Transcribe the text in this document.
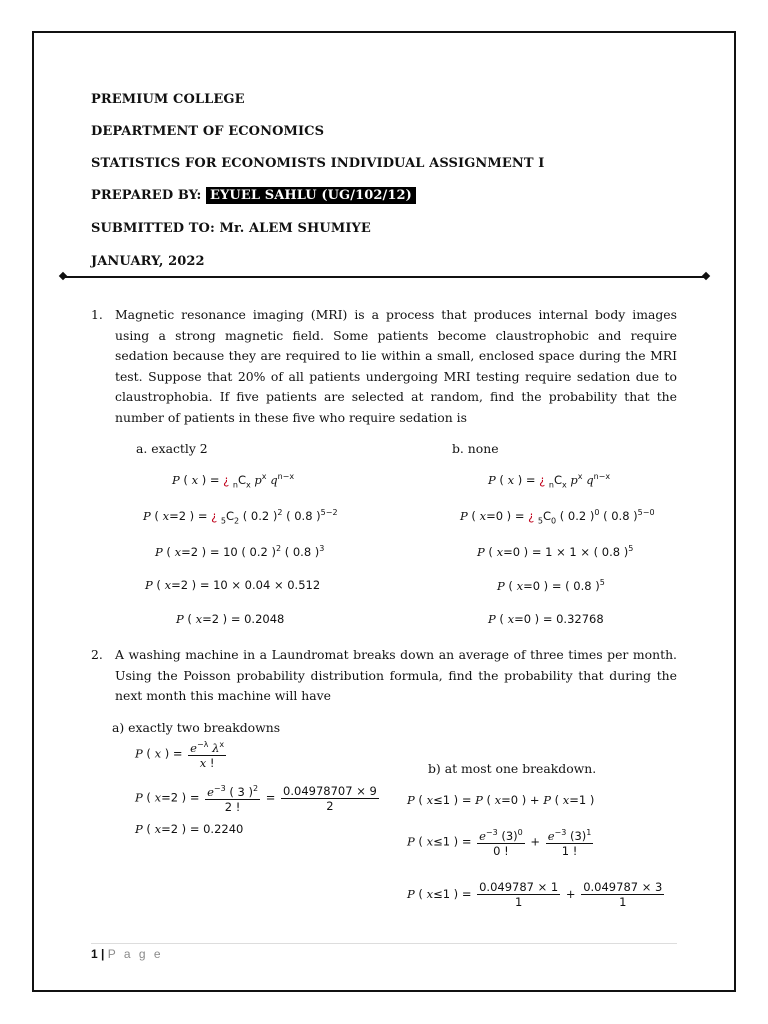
PREMIUM COLLEGE
DEPARTMENT OF ECONOMICS
STATISTICS FOR ECONOMISTS INDIVIDUAL ASSIGNMENT I
PREPARED BY: EYUEL SAHLU (UG/102/12)
SUBMITTED TO: Mr. ALEM SHUMIYE
JANUARY, 2022
1. Magnetic resonance imaging (MRI) is a process that produces internal body images using a strong magnetic field. Some patients become claustrophobic and require sedation because they are required to lie within a small, enclosed space during the MRI test. Suppose that 20% of all patients undergoing MRI testing require sedation due to claustrophobia. If five patients are selected at random, find the probability that the number of patients in these five who require sedation is
a. exactly 2	b. none
P ( x ) = ¿ $_nC_x$ $p^x$ $q^{n-x}$
P ( x=2 ) = ¿ $_5C_2$ ( 0.2 )$^2$ ( 0.8 )$^{5-2}$
P ( x=2 ) = 10 ( 0.2 )$^2$ ( 0.8 )$^3$
P ( x=2 ) = 10 × 0.04 × 0.512
P ( x=2 ) = 0.2048
P ( x ) = ¿ $_nC_x$ $p^x$ $q^{n-x}$
P ( x=0 ) = ¿ $_5C_0$ ( 0.2 )$^0$ ( 0.8 )$^{5-0}$
P ( x=0 ) = 1 × 1 × ( 0.8 )$^5$
P ( x=0 ) = ( 0.8 )$^5$
P ( x=0 ) = 0.32768
2. A washing machine in a Laundromat breaks down an average of three times per month. Using the Poisson probability distribution formula, find the probability that during the next month this machine will have
a) exactly two breakdowns
b) at most one breakdown.
P ( x ) = $\frac{e^{-\lambda} \lambda^x}{x !}$
P ( x=2 ) = $\frac{e^{-3} ( 3 )^2}{2 !} = \frac{0.04978707 \times 9}{2}$
P ( x=2 ) = 0.2240
P ( x≤1 ) = P ( x=0 ) + P ( x=1 )
P ( x≤1 ) = $\frac{e^{-3} (3)^0}{0 !} + \frac{e^{-3} (3)^1}{1 !}$
P ( x≤1 ) = $\frac{0.049787 \times 1}{1} + \frac{0.049787 \times 3}{1}$
1 | P a g e
